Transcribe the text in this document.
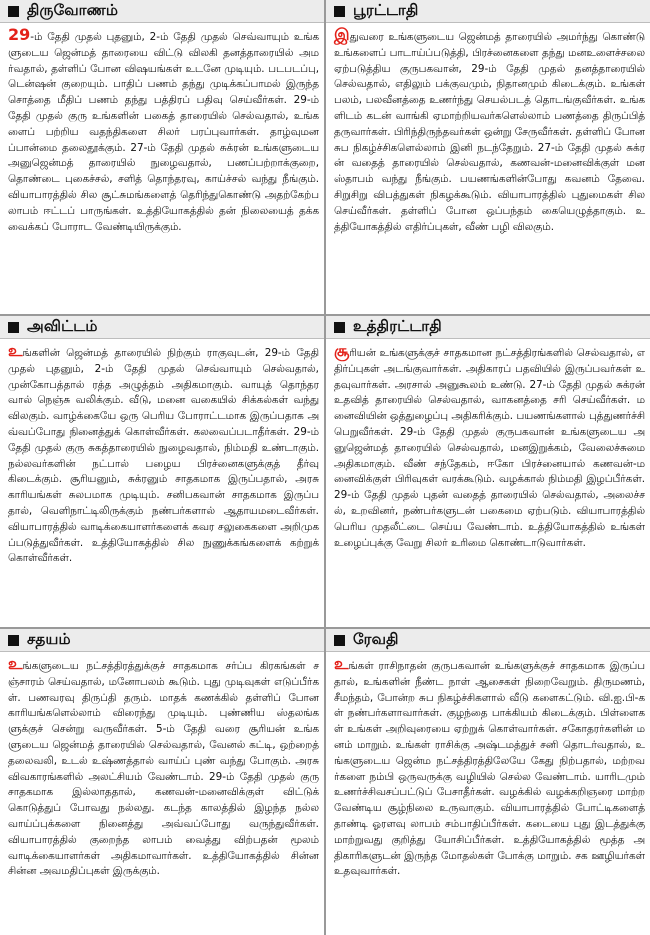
திருவோணம்
29-ம் தேதி முதல் புதனும், 2-ம் தேதி முதல் செவ்வாயும் உங்களுடைய ஜென்மத் தாரையை விட்டு விலகி தனத்தாரையில் அமர்வதால், தள்ளிப் போன விஷயங்கள் உடனே முடியும். படபடப்பு, டென்ஷன் குறையும். பாதிப் பணம் தந்து முடிக்கப்பாமல் இருந்த சொத்தை மீதிப் பணம் தந்து பத்திரப் பதிவு செய்வீர்கள். 29-ம் தேதி முதல் குரு உங்களின் பகைத் தாரையில் செல்வதால், உங்களைப் பற்றிய வதந்திகளை சிலர் பரப்புவார்கள். தாழ்வுமனப்பான்மை தலைதூக்கும். 27-ம் தேதி முதல் சுக்ரன் உங்களுடைய அனுஜென்மத் தாரையில் நுழைவதால், பணப்பற்றாக்குறை, தொண்டை புகைச்சல், சளித் தொந்தரவு, காய்ச்சல் வந்து நீங்கும். வியாபாரத்தில் சில சூட்சுமங்களைத் தெரிந்துகொண்டு அதற்கேற்ப லாபம் ஈட்டப் பாருங்கள். உத்தியோகத்தில் தன் நிலையைத் தக்க வைக்கப் போராட வேண்டியிருக்கும்.
பூரட்டாதி
இதுவரை உங்களுடைய ஜென்மத் தாரையில் அமர்ந்து கொண்டு உங்களைப் பாடாய்ப்படுத்தி, பிரச்னைகளை தந்து மனஉளைச்சலை ஏற்படுத்திய குருபகவான், 29-ம் தேதி முதல் தனத்தாரையில் செல்வதால், எதிலும் பக்குவமும், நிதானமும் கிடைக்கும். உங்கள் பலம், பலவீனத்தை உணர்ந்து செயல்படத் தொடங்குவீர்கள். உங்களிடம் கடன் வாங்கி ஏமாற்றியவர்களெல்லாம் பணத்தை திருப்பித் தருவார்கள். பிரிந்திருந்தவர்கள் ஒன்று சேருவீர்கள். தள்ளிப் போன சுப நிகழ்ச்சிகளெல்லாம் இனி நடந்தேறும். 27-ம் தேதி முதல் சுக்ரன் வதைத் தாரையில் செல்வதால், கணவன்-மனைவிக்குள் மனஸ்தாபம் வந்து நீங்கும். பயணங்களின்போது கவனம் தேவை. சிறுசிறு விபத்துகள் நிகழக்கூடும். வியாபாரத்தில் புதுமைகள் சில செய்வீர்கள். தள்ளிப் போன ஒப்பந்தம் கையெழுத்தாகும். உத்தியோகத்தில் எதிர்ப்புகள், வீண் பழி விலகும்.
அவிட்டம்
உங்களின் ஜென்மத் தாரையில் நிற்கும் ராகுவுடன், 29-ம் தேதி முதல் புதனும், 2-ம் தேதி முதல் செவ்வாயும் செல்வதால், முன்கோபத்தால் ரத்த அழுத்தம் அதிகமாகும். வாயுத் தொந்தரவால் நெஞ்சு வலிக்கும். வீடு, மனை வகையில் சிக்கல்கள் வந்து விலகும். வாழ்க்கையே ஒரு பெரிய போராட்டமாக இருப்பதாக அவ்வப்போது நினைத்துக் கொள்வீர்கள். கலவைப்படாதீர்கள். 29-ம் தேதி முதல் குரு சுகத்தாரையில் நுழைவதால், நிம்மதி உண்டாகும். நல்லவர்களின் நட்பால் பழைய பிரச்னைகளுக்குத் தீர்வு கிடைக்கும். சூரியனும், சுக்ரனும் சாதகமாக இருப்பதால், அரசு காரியங்கள் சுலபமாக முடியும். சனிபகவான் சாதகமாக இருப்பதால், வெளிநாட்டிலிருக்கும் நண்பர்களால் ஆதாயமடைவீர்கள். வியாபாரத்தில் வாடிக்கையாளர்களைக் கவர சலுகைகளை அறிமுகப்படுத்துவீர்கள். உத்தியோகத்தில் சில நுணுக்கங்களைக் கற்றுக் கொள்வீர்கள்.
உத்திரட்டாதி
சூரியன் உங்களுக்குச் சாதகமான நட்சத்திரங்களில் செல்வதால், எதிர்ப்புகள் அடங்குவார்கள். அதிகாரப் பதவியில் இருப்பவர்கள் உதவுவார்கள். அரசால் அனுகூலம் உண்டு. 27-ம் தேதி முதல் சுக்ரன் உதவித் தாரையில் செல்வதால், வாகனத்தை சரி செய்வீர்கள். மனைவியின் ஒத்துழைப்பு அதிகரிக்கும். பயணங்களால் புத்துணர்ச்சி பெறுவீர்கள். 29-ம் தேதி முதல் குருபகவான் உங்களுடைய அனுஜென்மத் தாரையில் செல்வதால், மனஇறுக்கம், வேலைச்சுமை அதிகமாகும். வீண் சந்தேகம், ஈகோ பிரச்னையால் கணவன்-மனைவிக்குள் பிரிவுகள் வரக்கூடும். வழக்கால் நிம்மதி இழப்பீர்கள். 29-ம் தேதி முதல் புதன் வதைத் தாரையில் செல்வதால், அலைச்சல், உறவினர், நண்பர்களுடன் பகைமை ஏற்படும். வியாபாரத்தில் பெரிய முதலீட்டை செய்ய வேண்டாம். உத்தியோகத்தில் உங்கள் உழைப்புக்கு வேறு சிலர் உரிமை கொண்டாடுவார்கள்.
சதயம்
உங்களுடைய நட்சத்திரத்துக்குச் சாதகமாக சர்ப்ப கிரகங்கள் சஞ்சாரம் செய்வதால், மனோபலம் கூடும். புது முடிவுகள் எடுப்பீர்கள். பணவரவு திருப்தி தரும். மாதக் கணக்கில் தள்ளிப் போன காரியங்களெல்லாம் விரைந்து முடியும். புண்ணிய ஸ்தலங்களுக்குச் சென்று வருவீர்கள். 5-ம் தேதி வரை சூரியன் உங்களுடைய ஜென்மத் தாரையில் செல்வதால், வேனல் கட்டி, ஒற்றைத் தலைவலி, உடல் உஷ்ணத்தால் வாய்ப் புண் வந்து போகும். அரசு விவகாரங்களில் அலட்சியம் வேண்டாம். 29-ம் தேதி முதல் குரு சாதகமாக இல்லாததால், கணவன்-மனைவிக்குள் விட்டுக் கொடுத்துப் போவது நல்லது. கடந்த காலத்தில் இழந்த நல்ல வாய்ப்புக்களை நினைத்து அவ்வப்போது வருந்துவீர்கள். வியாபாரத்தில் குறைந்த லாபம் வைத்து விற்பதன் மூலம் வாடிக்கையாளர்கள் அதிகமாவார்கள். உத்தியோகத்தில் சின்ன சின்ன அவமதிப்புகள் இருக்கும்.
ரேவதி
உங்கள் ராசிநாதன் குருபகவான் உங்களுக்குச் சாதகமாக இருப்பதால், உங்களின் நீண்ட நாள் ஆசைகள் நிறைவேறும். திருமணம், சீமந்தம், போன்ற சுப நிகழ்ச்சிகளால் வீடு களைகட்டும். வி.ஐ.பி-கள் நண்பர்களாவார்கள். குழந்தை பாக்கியம் கிடைக்கும். பிள்ளைகள் உங்கள் அறிவுரையை ஏற்றுக் கொள்வார்கள். சகோதரர்களின் மனம் மாறும். உங்கள் ராசிக்கு அஷ்டமத்துச் சனி தொடர்வதால், உங்களுடைய ஜென்ம நட்சத்திரத்திலேயே கேது நிற்பதால், மற்றவர்களை நம்பி ஒருவருக்கு வழியில் செல்ல வேண்டாம். யாரிடமும் உணர்ச்சிவசப்பட்டுப் பேசாதீர்கள். வழக்கில் வழக்கறிஞரை மாற்ற வேண்டிய சூழ்நிலை உருவாகும். வியாபாரத்தில் போட்டிகளைத் தாண்டி ஓரளவு லாபம் சம்பாதிப்பீர்கள். கடையை புது இடத்துக்கு மாற்றுவது குறித்து யோசிப்பீர்கள். உத்தியோகத்தில் மூத்த அதிகாரிகளுடன் இருந்த மோதல்கள் போக்கு மாறும். சக ஊழியர்கள் உதவுவார்கள்.
